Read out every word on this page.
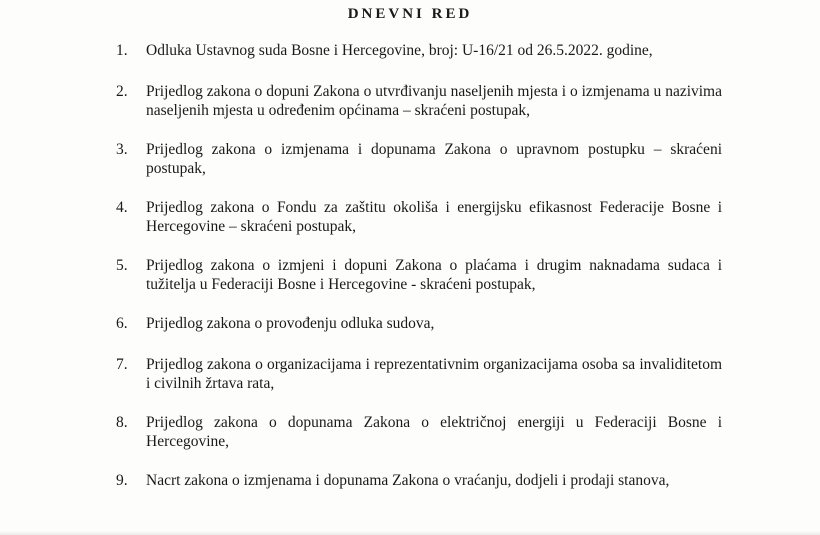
DNEVNI RED
1.	Odluka Ustavnog suda Bosne i Hercegovine, broj: U-16/21 od 26.5.2022. godine,
2.	Prijedlog zakona o dopuni Zakona o utvrđivanju naseljenih mjesta i o izmjenama u nazivima naseljenih mjesta u određenim općinama – skraćeni postupak,
3.	Prijedlog zakona o izmjenama i dopunama Zakona o upravnom postupku – skraćeni postupak,
4.	Prijedlog zakona o Fondu za zaštitu okoliša i energijsku efikasnost Federacije Bosne i Hercegovine – skraćeni postupak,
5.	Prijedlog zakona o izmjeni i dopuni Zakona o plaćama i drugim naknadama sudaca i tužitelja u Federaciji Bosne i Hercegovine - skraćeni postupak,
6.	Prijedlog zakona o provođenju odluka sudova,
7.	Prijedlog zakona o organizacijama i reprezentativnim organizacijama osoba sa invaliditetom i civilnih žrtava rata,
8.	Prijedlog zakona o dopunama Zakona o električnoj energiji u Federaciji Bosne i Hercegovine,
9.	Nacrt zakona o izmjenama i dopunama Zakona o vraćanju, dodjeli i prodaji stanova,
